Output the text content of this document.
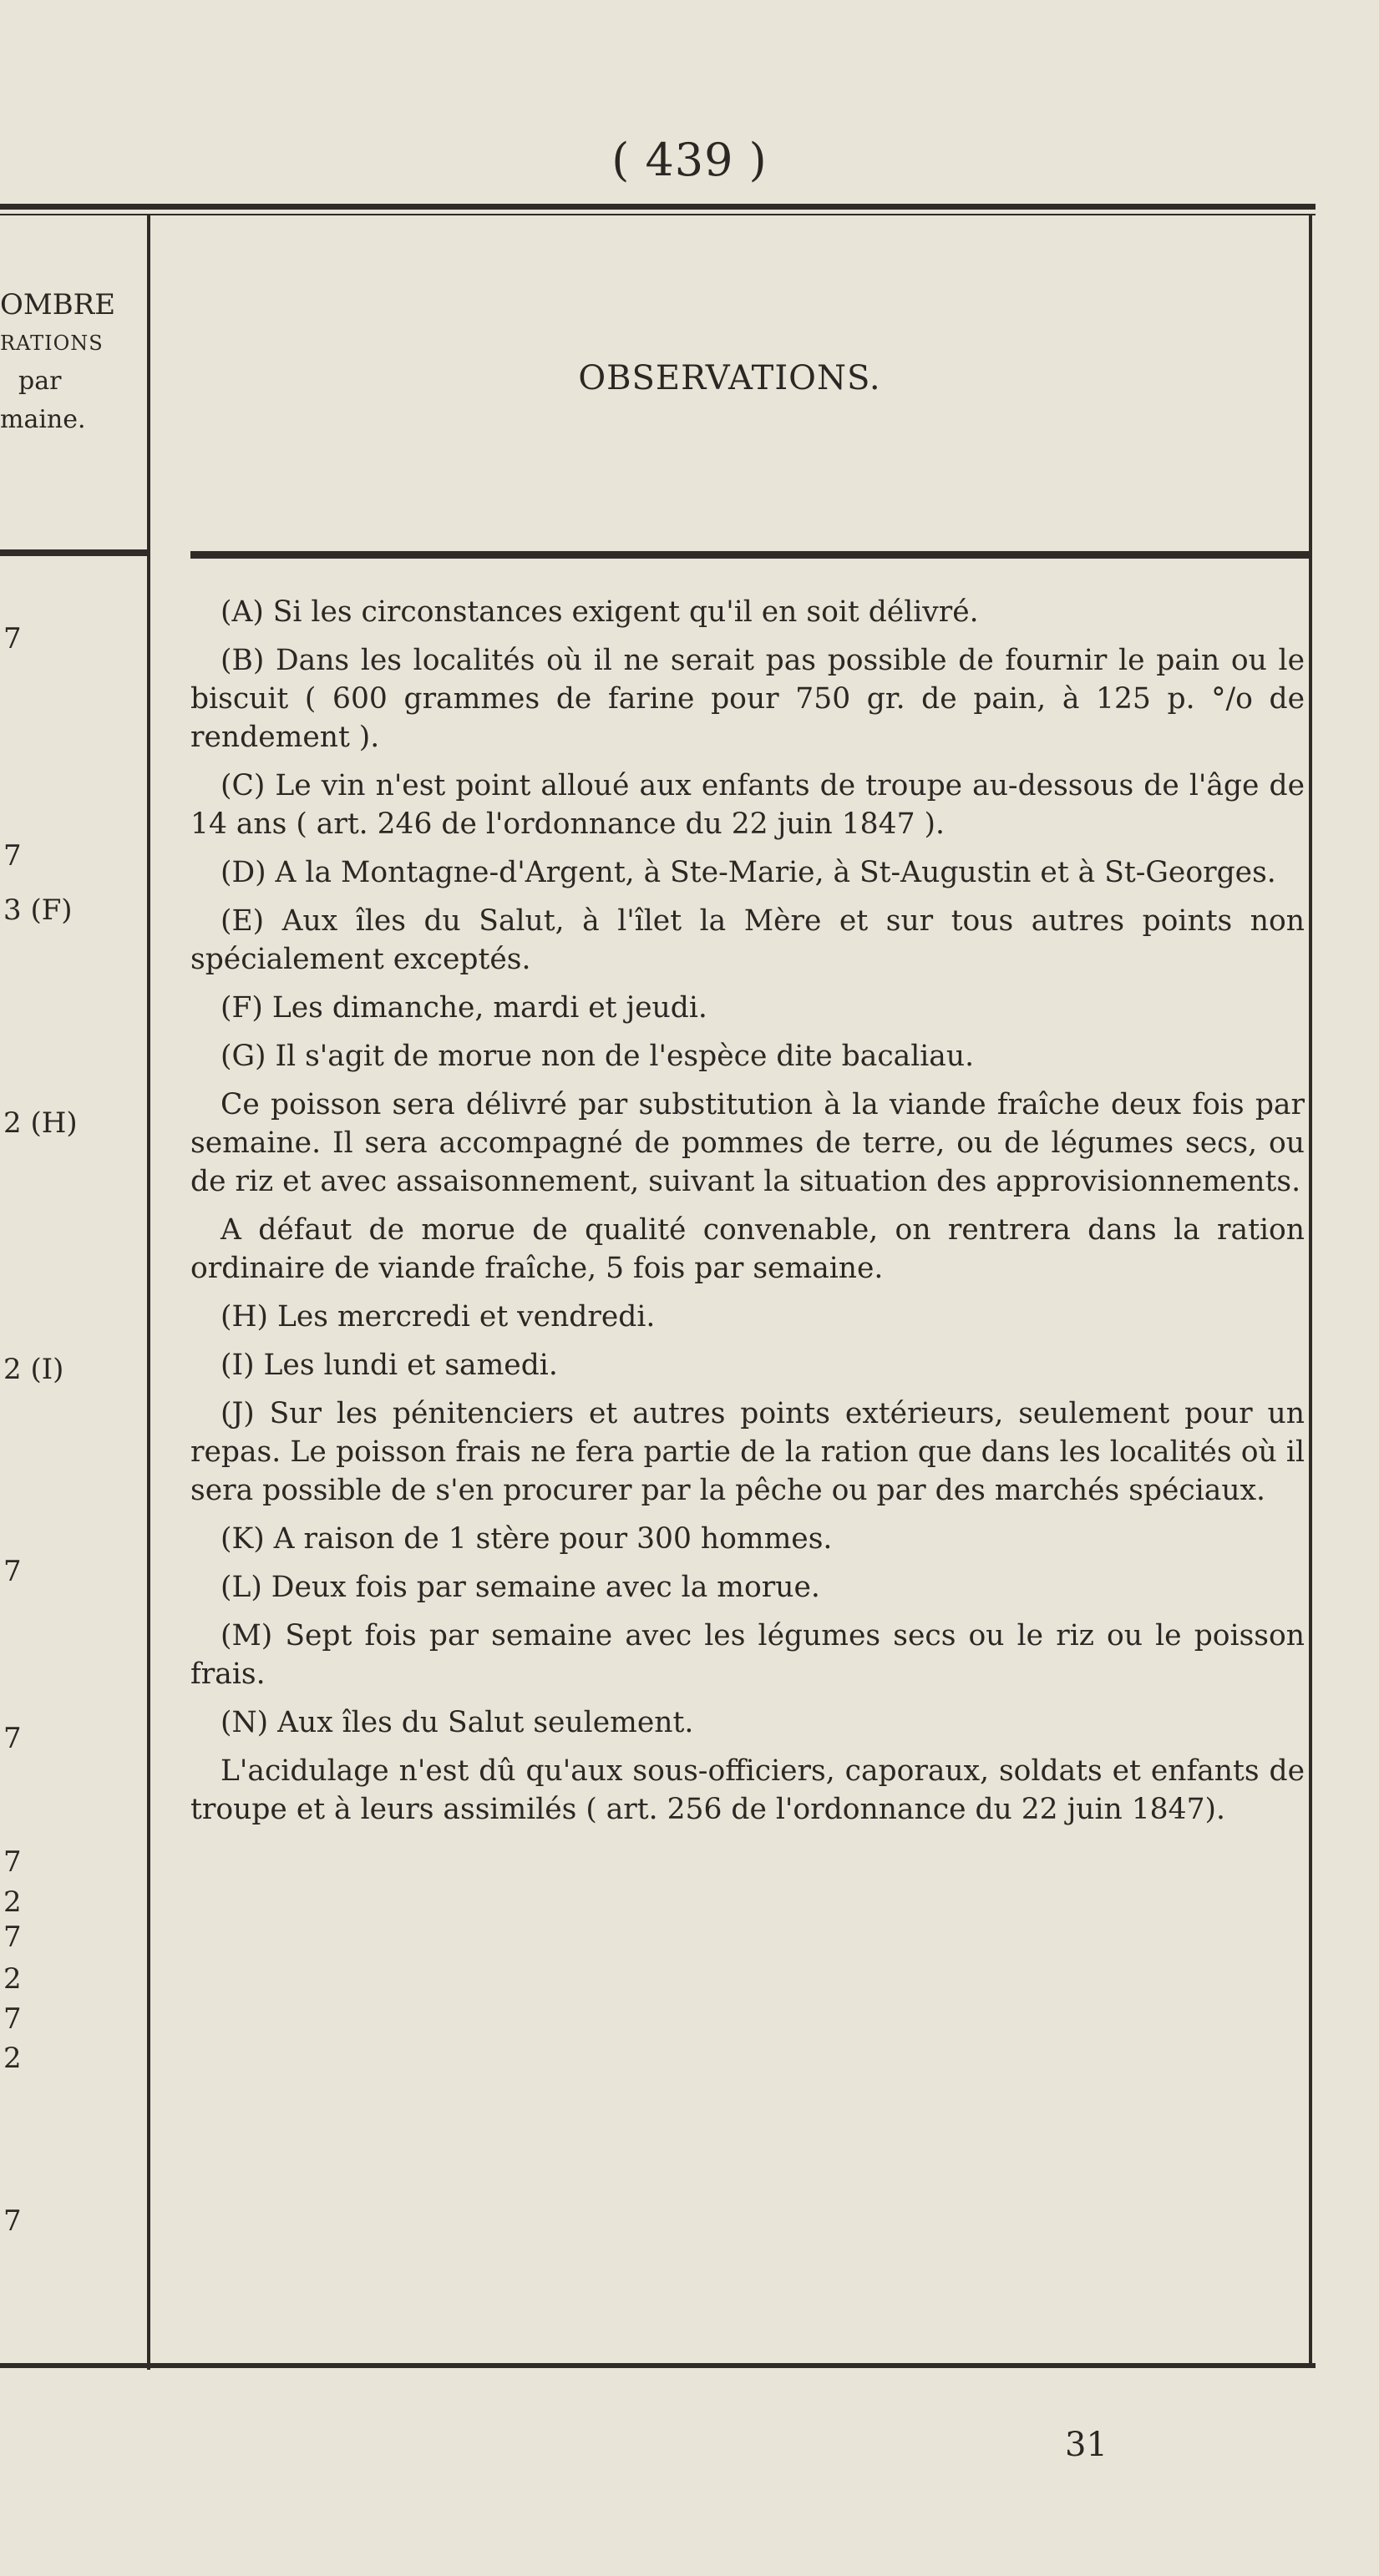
( 439 )
OMBRE
RATIONS
par
maine.
OBSERVATIONS.
7
7
3 (F)
2 (H)
2 (I)
7
7
7
2
7
2
7
2
7

(A) Si les circonstances exigent qu'il en soit délivré.

(B) Dans les localités où il ne serait pas possible de fournir le pain ou le biscuit ( 600 grammes de farine pour 750 gr. de pain, à 125 p. °/o de rendement ).

(C) Le vin n'est point alloué aux enfants de troupe au-dessous de l'âge de 14 ans ( art. 246 de l'ordonnance du 22 juin 1847 ).

(D) A la Montagne-d'Argent, à Ste-Marie, à St-Augustin et à St-Georges.

(E) Aux îles du Salut, à l'îlet la Mère et sur tous autres points non spécialement exceptés.

(F) Les dimanche, mardi et jeudi.

(G) Il s'agit de morue non de l'espèce dite bacaliau.

Ce poisson sera délivré par substitution à la viande fraîche deux fois par semaine. Il sera accompagné de pommes de terre, ou de légumes secs, ou de riz et avec assaisonnement, suivant la situation des approvisionnements.

A défaut de morue de qualité convenable, on rentrera dans la ration ordinaire de viande fraîche, 5 fois par semaine.

(H) Les mercredi et vendredi.

(I) Les lundi et samedi.

(J) Sur les pénitenciers et autres points extérieurs, seulement pour un repas. Le poisson frais ne fera partie de la ration que dans les localités où il sera possible de s'en procurer par la pêche ou par des marchés spéciaux.

(K) A raison de 1 stère pour 300 hommes.

(L) Deux fois par semaine avec la morue.

(M) Sept fois par semaine avec les légumes secs ou le riz ou le poisson frais.

(N) Aux îles du Salut seulement.

L'acidulage n'est dû qu'aux sous-officiers, caporaux, soldats et enfants de troupe et à leurs assimilés ( art. 256 de l'ordonnance du 22 juin 1847).

31
